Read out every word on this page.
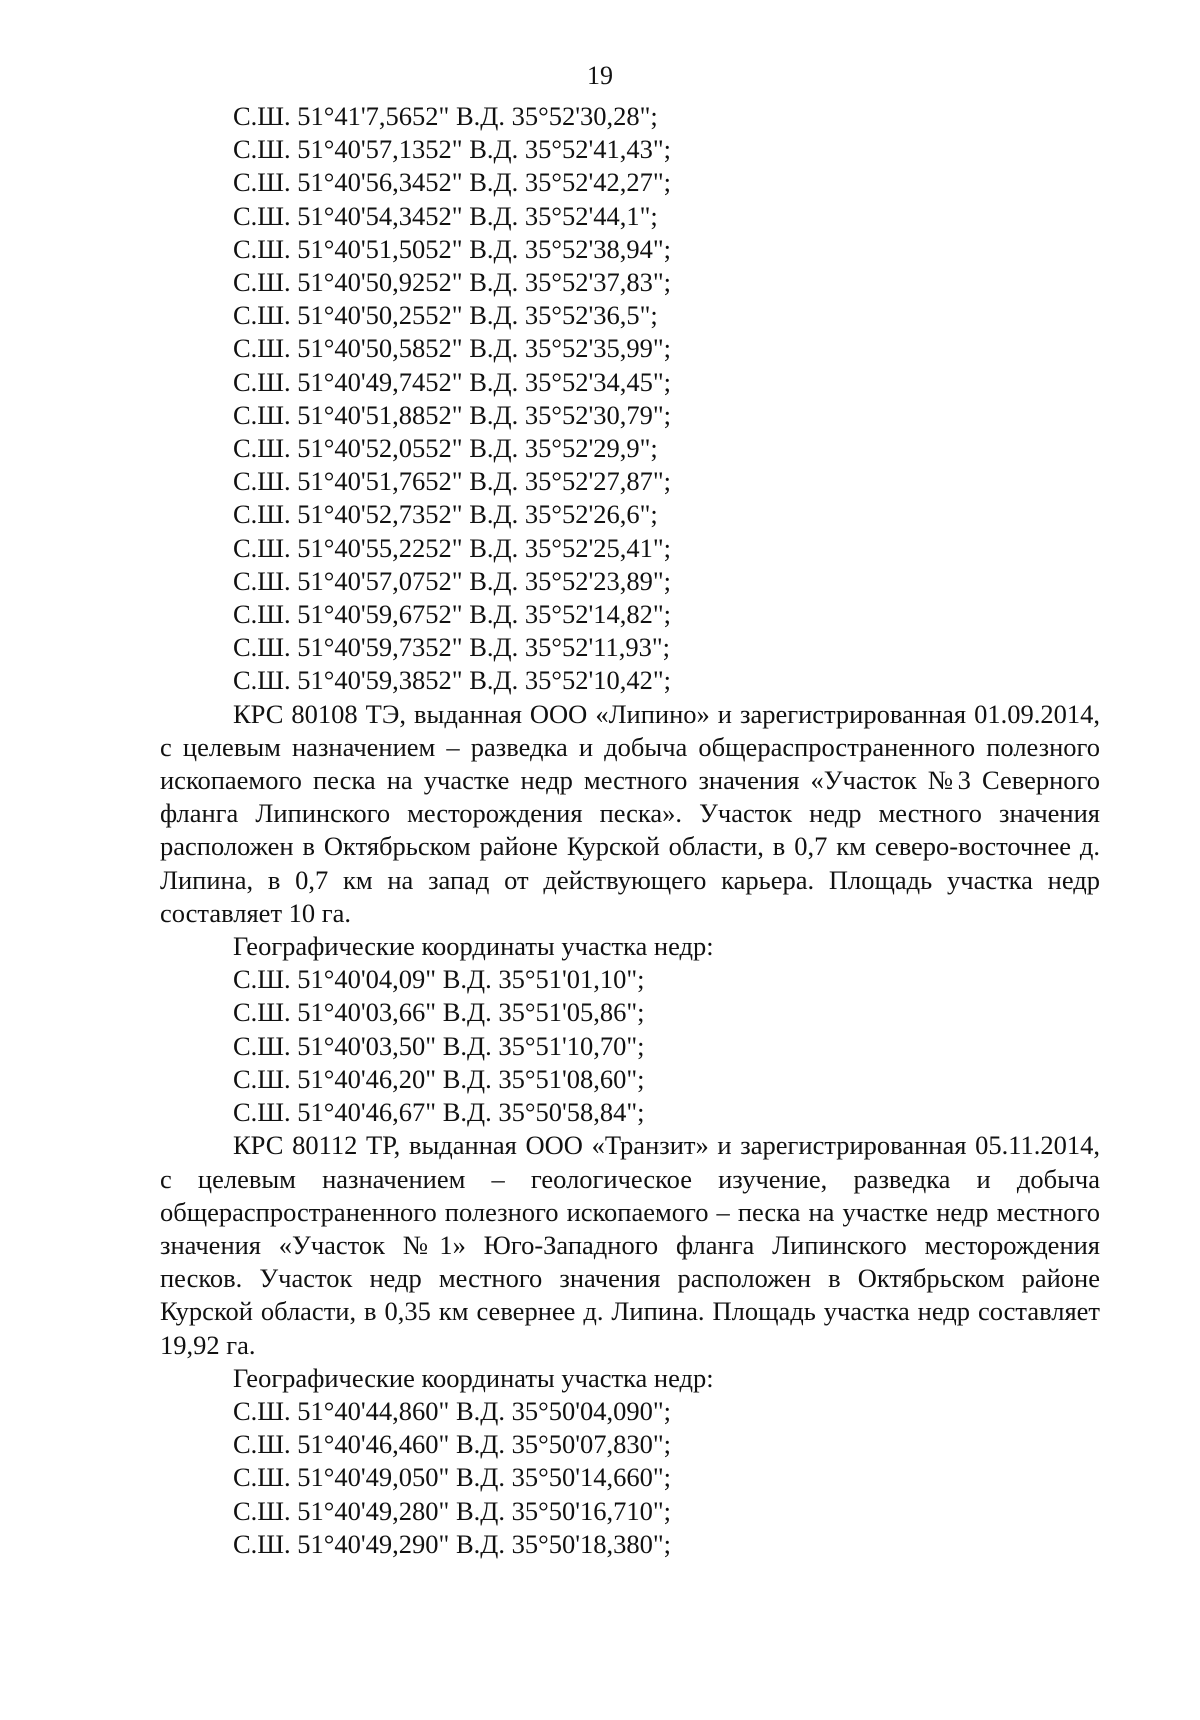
19
С.Ш. 51°41'7,5652" В.Д. 35°52'30,28";
С.Ш. 51°40'57,1352" В.Д. 35°52'41,43";
С.Ш. 51°40'56,3452" В.Д. 35°52'42,27";
С.Ш. 51°40'54,3452" В.Д. 35°52'44,1";
С.Ш. 51°40'51,5052" В.Д. 35°52'38,94";
С.Ш. 51°40'50,9252" В.Д. 35°52'37,83";
С.Ш. 51°40'50,2552" В.Д. 35°52'36,5";
С.Ш. 51°40'50,5852" В.Д. 35°52'35,99";
С.Ш. 51°40'49,7452" В.Д. 35°52'34,45";
С.Ш. 51°40'51,8852" В.Д. 35°52'30,79";
С.Ш. 51°40'52,0552" В.Д. 35°52'29,9";
С.Ш. 51°40'51,7652" В.Д. 35°52'27,87";
С.Ш. 51°40'52,7352" В.Д. 35°52'26,6";
С.Ш. 51°40'55,2252" В.Д. 35°52'25,41";
С.Ш. 51°40'57,0752" В.Д. 35°52'23,89";
С.Ш. 51°40'59,6752" В.Д. 35°52'14,82";
С.Ш. 51°40'59,7352" В.Д. 35°52'11,93";
С.Ш. 51°40'59,3852" В.Д. 35°52'10,42";
КРС 80108 ТЭ, выданная ООО «Липино» и зарегистрированная 01.09.2014, с целевым назначением – разведка и добыча общераспространенного полезного ископаемого песка на участке недр местного значения «Участок №3 Северного фланга Липинского месторождения песка». Участок недр местного значения расположен в Октябрьском районе Курской области, в 0,7 км северо-восточнее д. Липина, в 0,7 км на запад от действующего карьера. Площадь участка недр составляет 10 га.
Географические координаты участка недр:
С.Ш. 51°40'04,09" В.Д. 35°51'01,10";
С.Ш. 51°40'03,66" В.Д. 35°51'05,86";
С.Ш. 51°40'03,50" В.Д. 35°51'10,70";
С.Ш. 51°40'46,20" В.Д. 35°51'08,60";
С.Ш. 51°40'46,67" В.Д. 35°50'58,84";
КРС 80112 ТР, выданная ООО «Транзит» и зарегистрированная 05.11.2014, с целевым назначением – геологическое изучение, разведка и добыча общераспространенного полезного ископаемого – песка на участке недр местного значения «Участок №1» Юго-Западного фланга Липинского месторождения песков. Участок недр местного значения расположен в Октябрьском районе Курской области, в 0,35 км севернее д. Липина. Площадь участка недр составляет 19,92 га.
Географические координаты участка недр:
С.Ш. 51°40'44,860" В.Д. 35°50'04,090";
С.Ш. 51°40'46,460" В.Д. 35°50'07,830";
С.Ш. 51°40'49,050" В.Д. 35°50'14,660";
С.Ш. 51°40'49,280" В.Д. 35°50'16,710";
С.Ш. 51°40'49,290" В.Д. 35°50'18,380";
